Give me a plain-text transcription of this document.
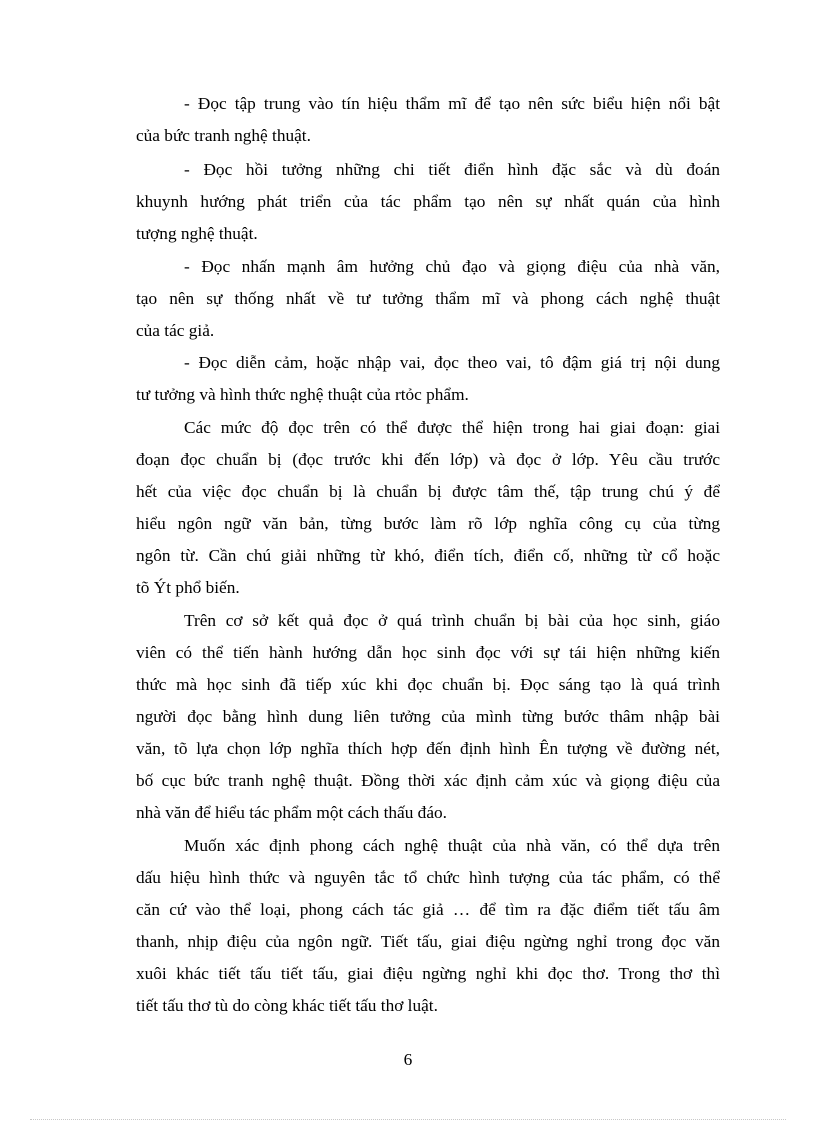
- Đọc tập trung vào tín hiệu thẩm mĩ để tạo nên sức biểu hiện nổi bật
của bức tranh nghệ thuật.
- Đọc hồi tưởng những chi tiết điển hình đặc sắc và dù đoán
khuynh hướng phát triển của tác phẩm tạo nên sự nhất quán của hình
tượng nghệ thuật.
- Đọc nhấn mạnh âm hưởng chủ đạo và giọng điệu của nhà văn,
tạo nên sự thống nhất về tư tưởng thẩm mĩ và phong cách nghệ thuật
của tác giả.
- Đọc diễn cảm, hoặc nhập vai, đọc theo vai, tô đậm giá trị nội dung
tư tưởng và hình thức nghệ thuật của rtỏc phẩm.
Các mức độ đọc trên có thể được thể hiện trong hai giai đoạn: giai
đoạn đọc chuẩn bị (đọc trước khi đến lớp) và đọc ở lớp. Yêu cầu trước
hết của việc đọc chuẩn bị là chuẩn bị được tâm thế, tập trung chú ý để
hiểu ngôn ngữ văn bản, từng bước làm rõ lớp nghĩa công cụ của từng
ngôn từ. Cần chú giải những từ khó, điển tích, điển cố, những từ cổ hoặc
tõ Ýt phổ biến.
Trên cơ sở kết quả đọc ở quá trình chuẩn bị bài của học sinh, giáo
viên có thể tiến hành hướng dẫn học sinh đọc với sự tái hiện những kiến
thức mà học sinh đã tiếp xúc khi đọc chuẩn bị. Đọc sáng tạo là quá trình
người đọc bằng hình dung liên tưởng của mình từng bước thâm nhập bài
văn, tõ lựa chọn lớp nghĩa thích hợp đến định hình Ên tượng về đường nét,
bố cục bức tranh nghệ thuật. Đồng thời xác định cảm xúc và giọng điệu của
nhà văn để hiểu tác phẩm một cách thấu đáo.
Muốn xác định phong cách nghệ thuật của nhà văn, có thể dựa trên
dấu hiệu hình thức và nguyên tắc tổ chức hình tượng của tác phẩm, có thể
căn cứ vào thể loại, phong cách tác giả … để tìm ra đặc điểm tiết tấu âm
thanh, nhịp điệu của ngôn ngữ. Tiết tấu, giai điệu ngừng nghỉ trong đọc văn
xuôi khác tiết tấu tiết tấu, giai điệu ngừng nghỉ khi đọc thơ. Trong thơ thì
tiết tấu thơ tù do còng khác tiết tấu thơ luật.
6
